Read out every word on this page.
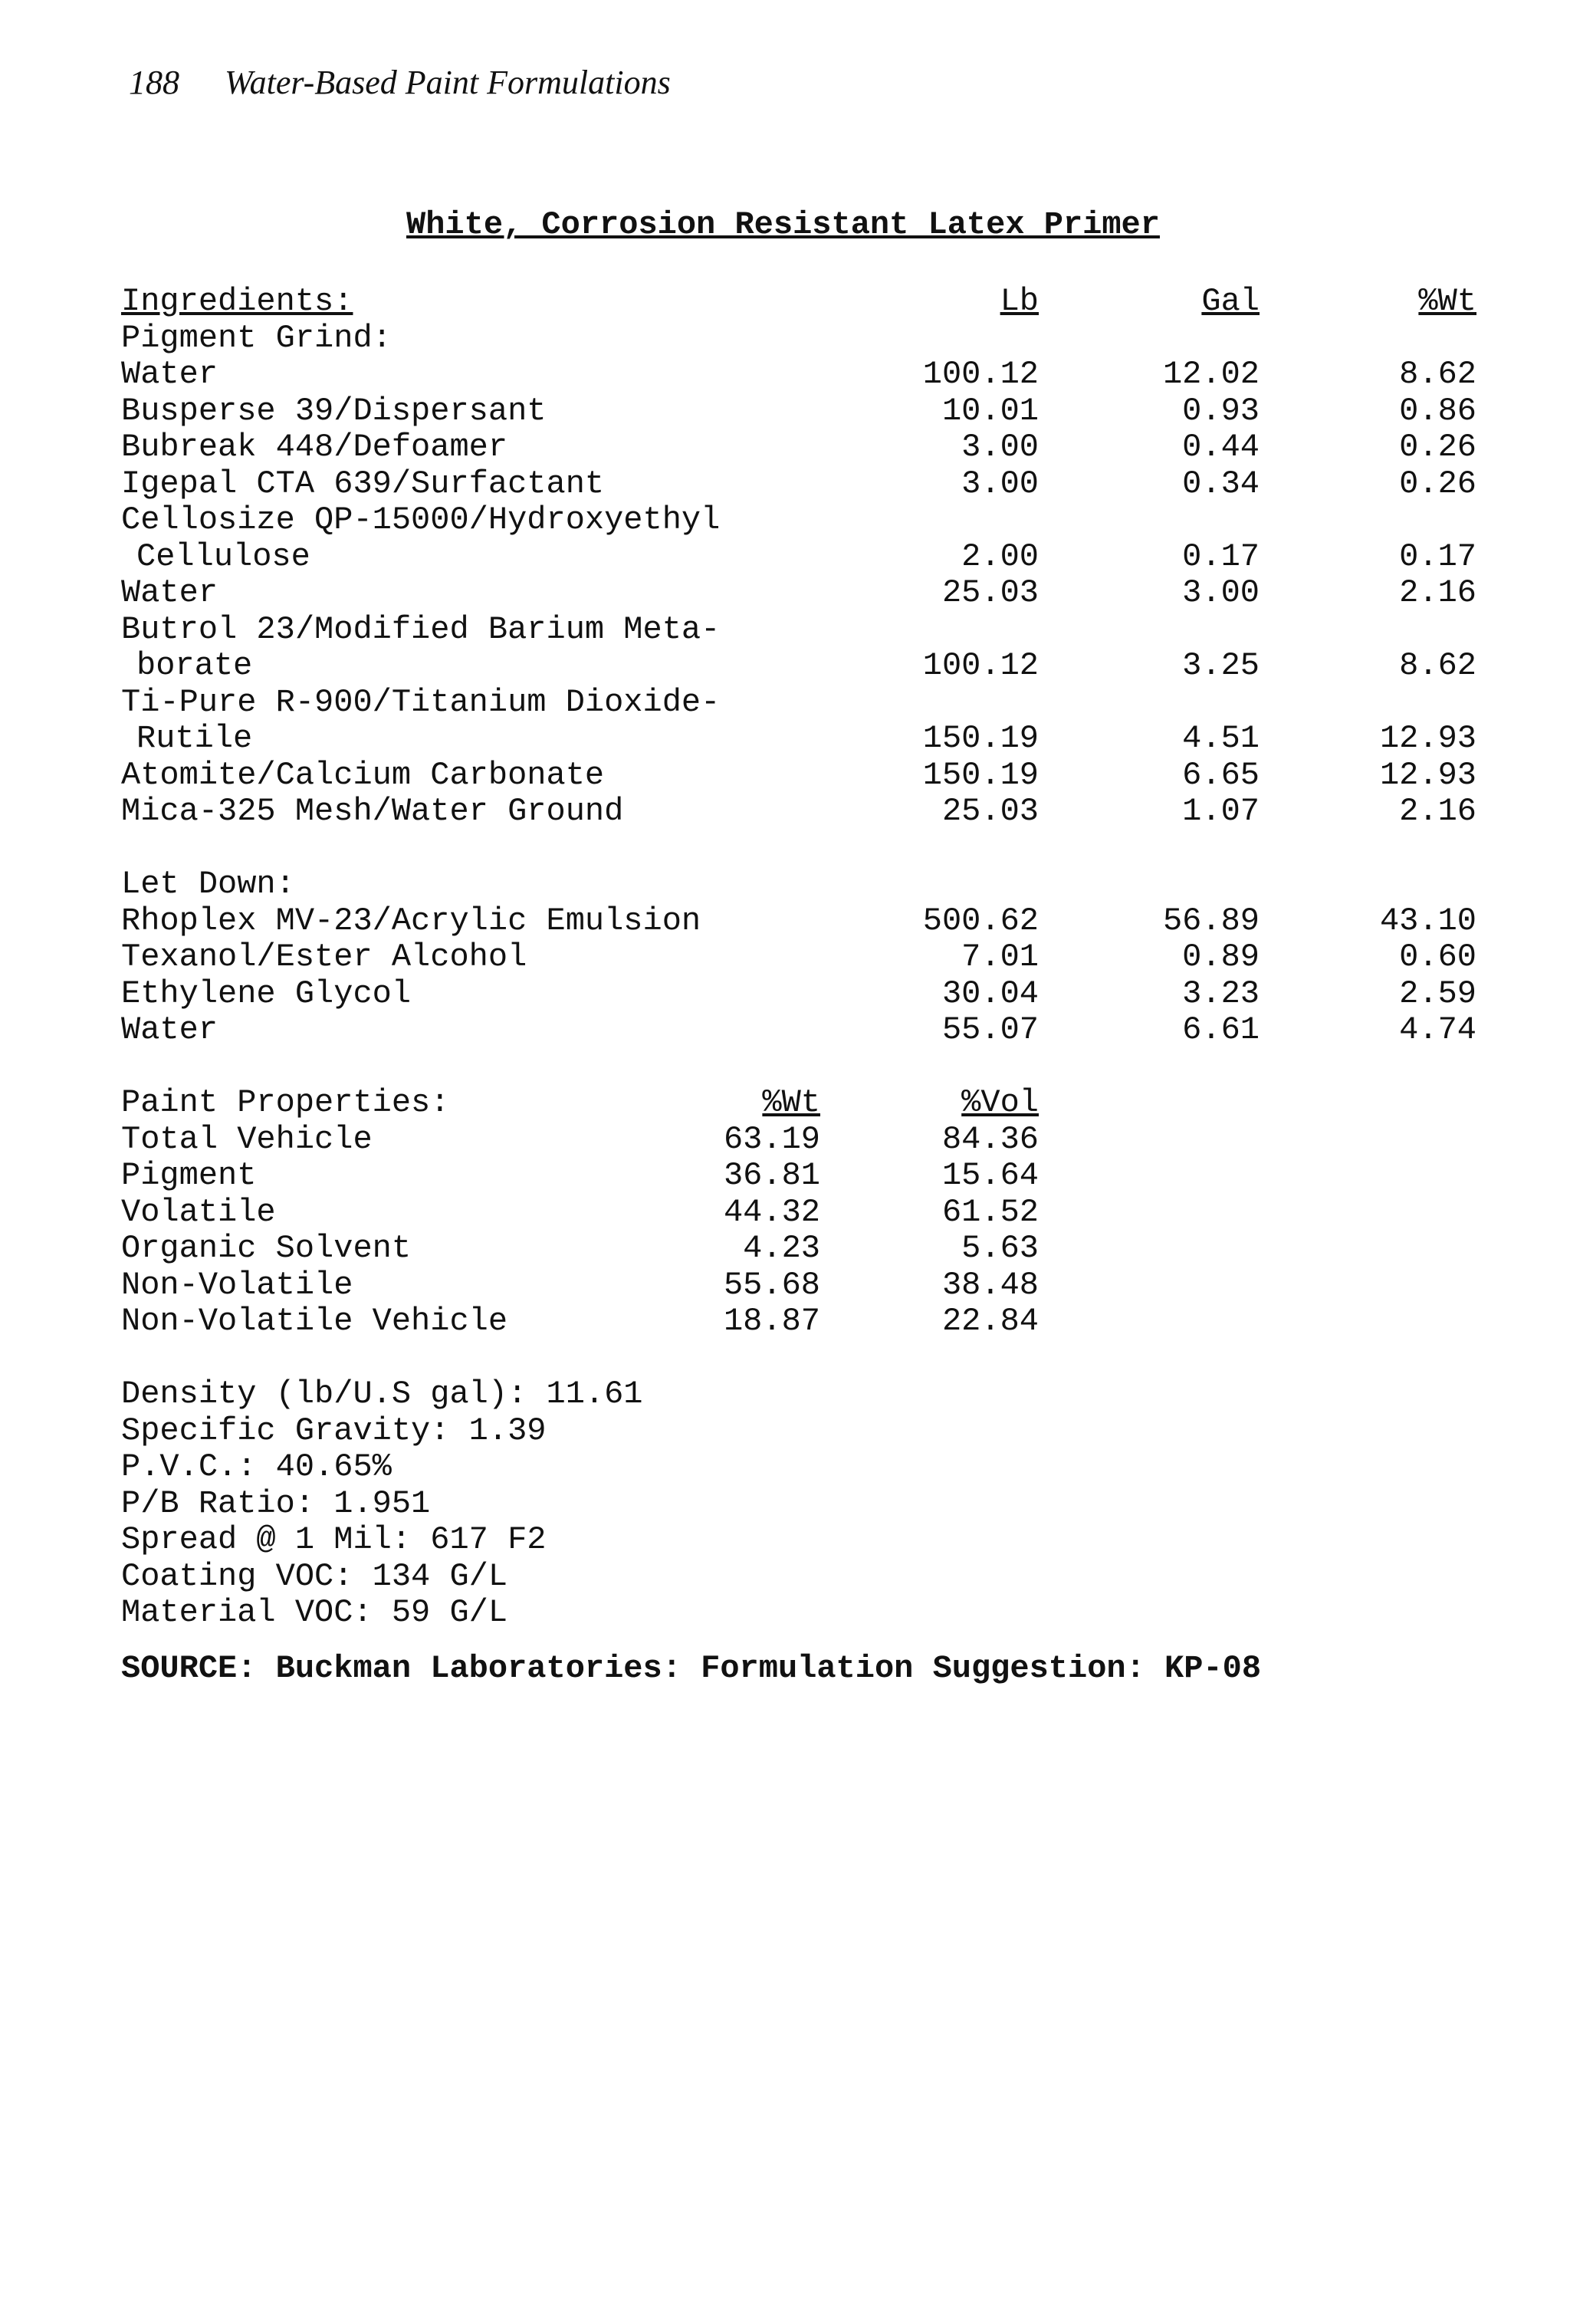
188 Water-Based Paint Formulations
White, Corrosion Resistant Latex Primer
Ingredients:	Lb	Gal	%Wt
Pigment Grind:
Water	100.12	12.02	8.62
Busperse 39/Dispersant	10.01	0.93	0.86
Bubreak 448/Defoamer	3.00	0.44	0.26
Igepal CTA 639/Surfactant	3.00	0.34	0.26
Cellosize QP-15000/Hydroxyethyl
Cellulose	2.00	0.17	0.17
Water	25.03	3.00	2.16
Butrol 23/Modified Barium Meta-
borate	100.12	3.25	8.62
Ti-Pure R-900/Titanium Dioxide-
Rutile	150.19	4.51	12.93
Atomite/Calcium Carbonate	150.19	6.65	12.93
Mica-325 Mesh/Water Ground	25.03	1.07	2.16
Let Down:
Rhoplex MV-23/Acrylic Emulsion	500.62	56.89	43.10
Texanol/Ester Alcohol	7.01	0.89	0.60
Ethylene Glycol	30.04	3.23	2.59
Water	55.07	6.61	4.74
Paint Properties:	%Wt	%Vol
Total Vehicle	63.19	84.36
Pigment	36.81	15.64
Volatile	44.32	61.52
Organic Solvent	4.23	5.63
Non-Volatile	55.68	38.48
Non-Volatile Vehicle	18.87	22.84
Density (lb/U.S gal): 11.61
Specific Gravity: 1.39
P.V.C.: 40.65%
P/B Ratio: 1.951
Spread @ 1 Mil: 617 F2
Coating VOC: 134 G/L
Material VOC: 59 G/L
SOURCE: Buckman Laboratories: Formulation Suggestion: KP-08
